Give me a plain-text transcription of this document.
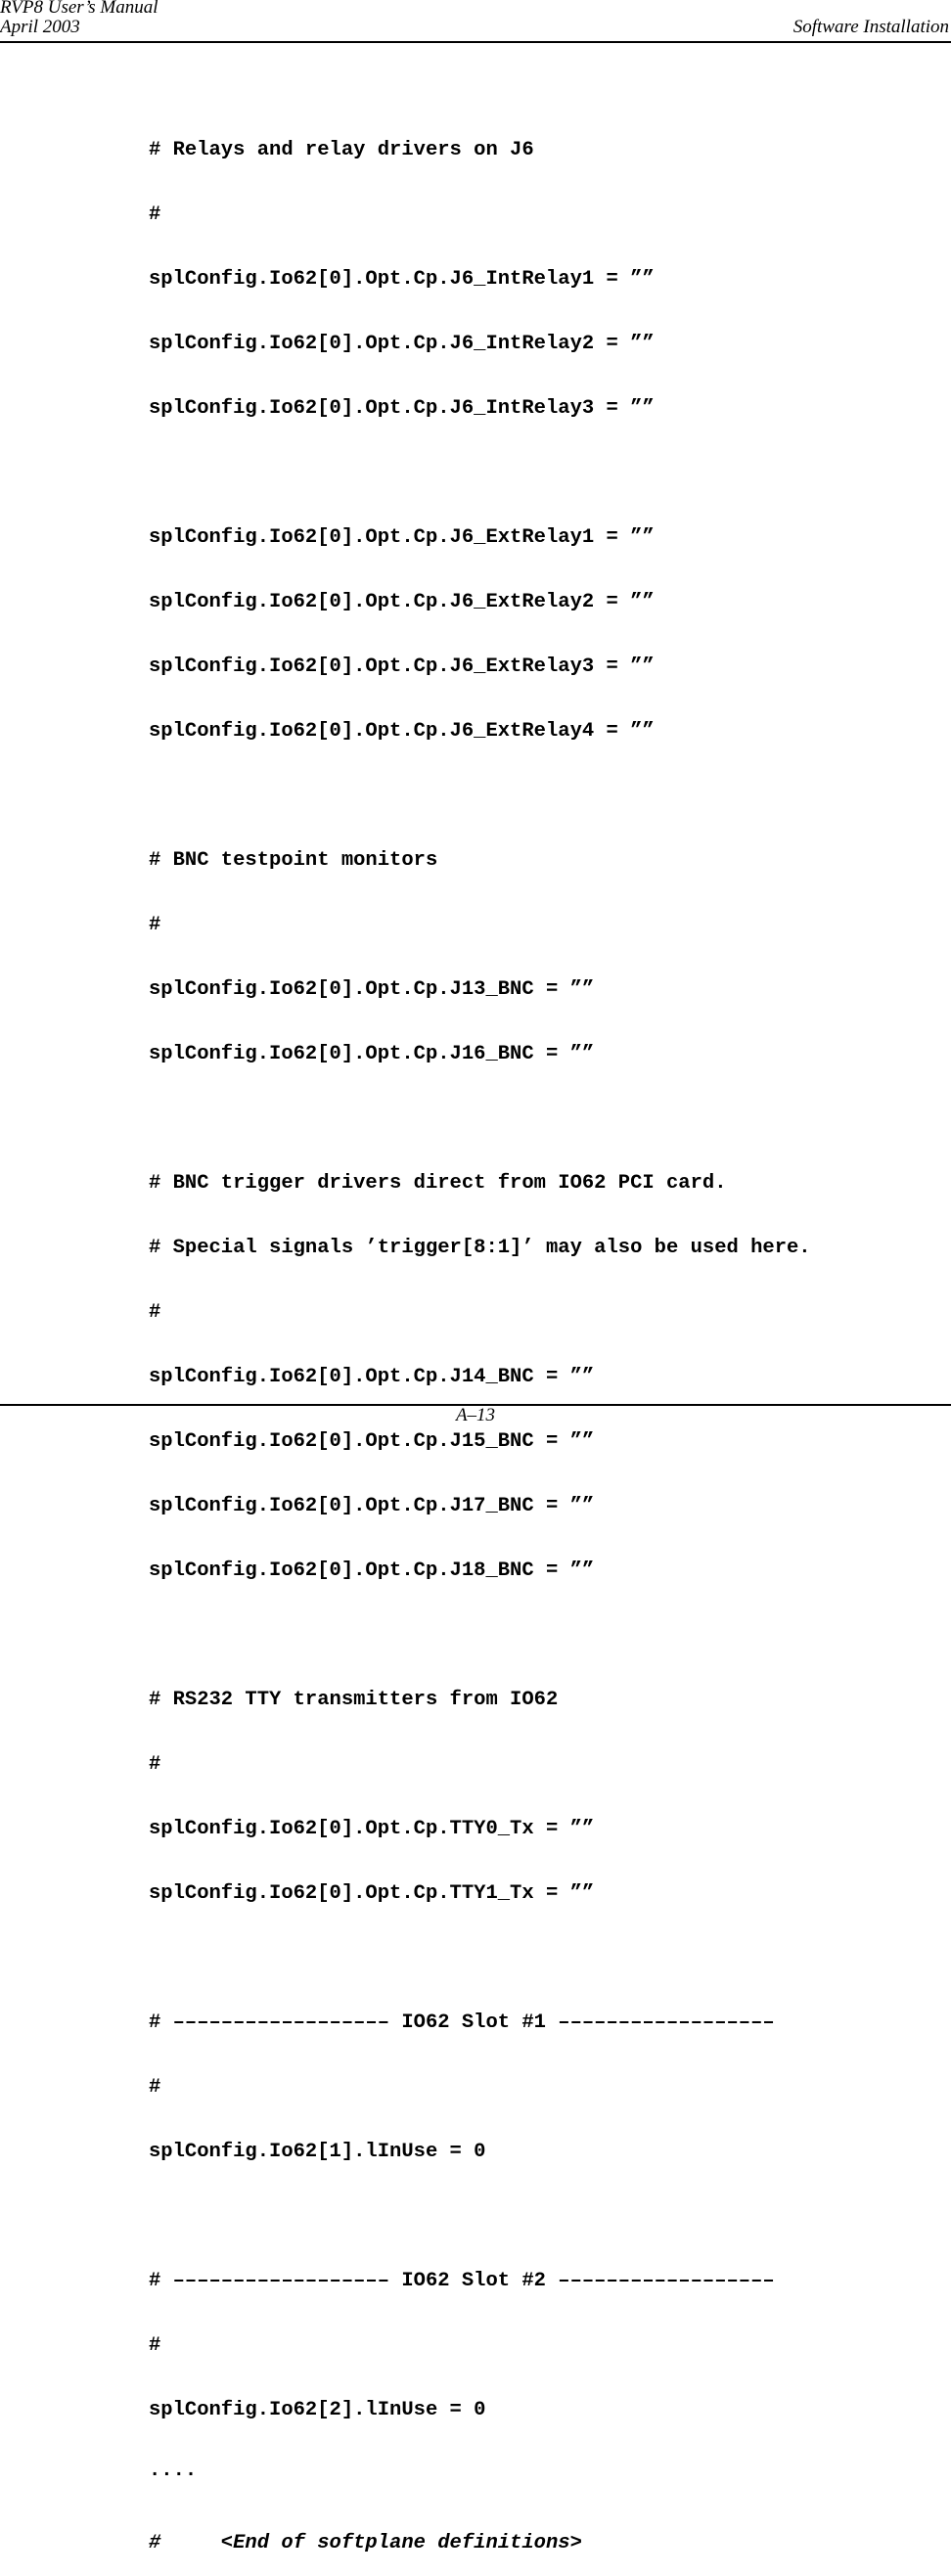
RVP8 User’s Manual
April 2003	Software Installation

# Relays and relay drivers on J6

#

splConfig.Io62[0].Opt.Cp.J6_IntRelay1 = ””

splConfig.Io62[0].Opt.Cp.J6_IntRelay2 = ””

splConfig.Io62[0].Opt.Cp.J6_IntRelay3 = ””

splConfig.Io62[0].Opt.Cp.J6_ExtRelay1 = ””

splConfig.Io62[0].Opt.Cp.J6_ExtRelay2 = ””

splConfig.Io62[0].Opt.Cp.J6_ExtRelay3 = ””

splConfig.Io62[0].Opt.Cp.J6_ExtRelay4 = ””

# BNC testpoint monitors

#

splConfig.Io62[0].Opt.Cp.J13_BNC = ””

splConfig.Io62[0].Opt.Cp.J16_BNC = ””

# BNC trigger drivers direct from IO62 PCI card.

# Special signals ’trigger[8:1]’ may also be used here.

#

splConfig.Io62[0].Opt.Cp.J14_BNC = ””

splConfig.Io62[0].Opt.Cp.J15_BNC = ””

splConfig.Io62[0].Opt.Cp.J17_BNC = ””

splConfig.Io62[0].Opt.Cp.J18_BNC = ””

# RS232 TTY transmitters from IO62

#

splConfig.Io62[0].Opt.Cp.TTY0_Tx = ””

splConfig.Io62[0].Opt.Cp.TTY1_Tx = ””

# –––––––––––––––––– IO62 Slot #1 ––––––––––––––––––

#

splConfig.Io62[1].lInUse = 0

# –––––––––––––––––– IO62 Slot #2 ––––––––––––––––––

#

splConfig.Io62[2].lInUse = 0

....

#     <End of softplane definitions>

A–13
